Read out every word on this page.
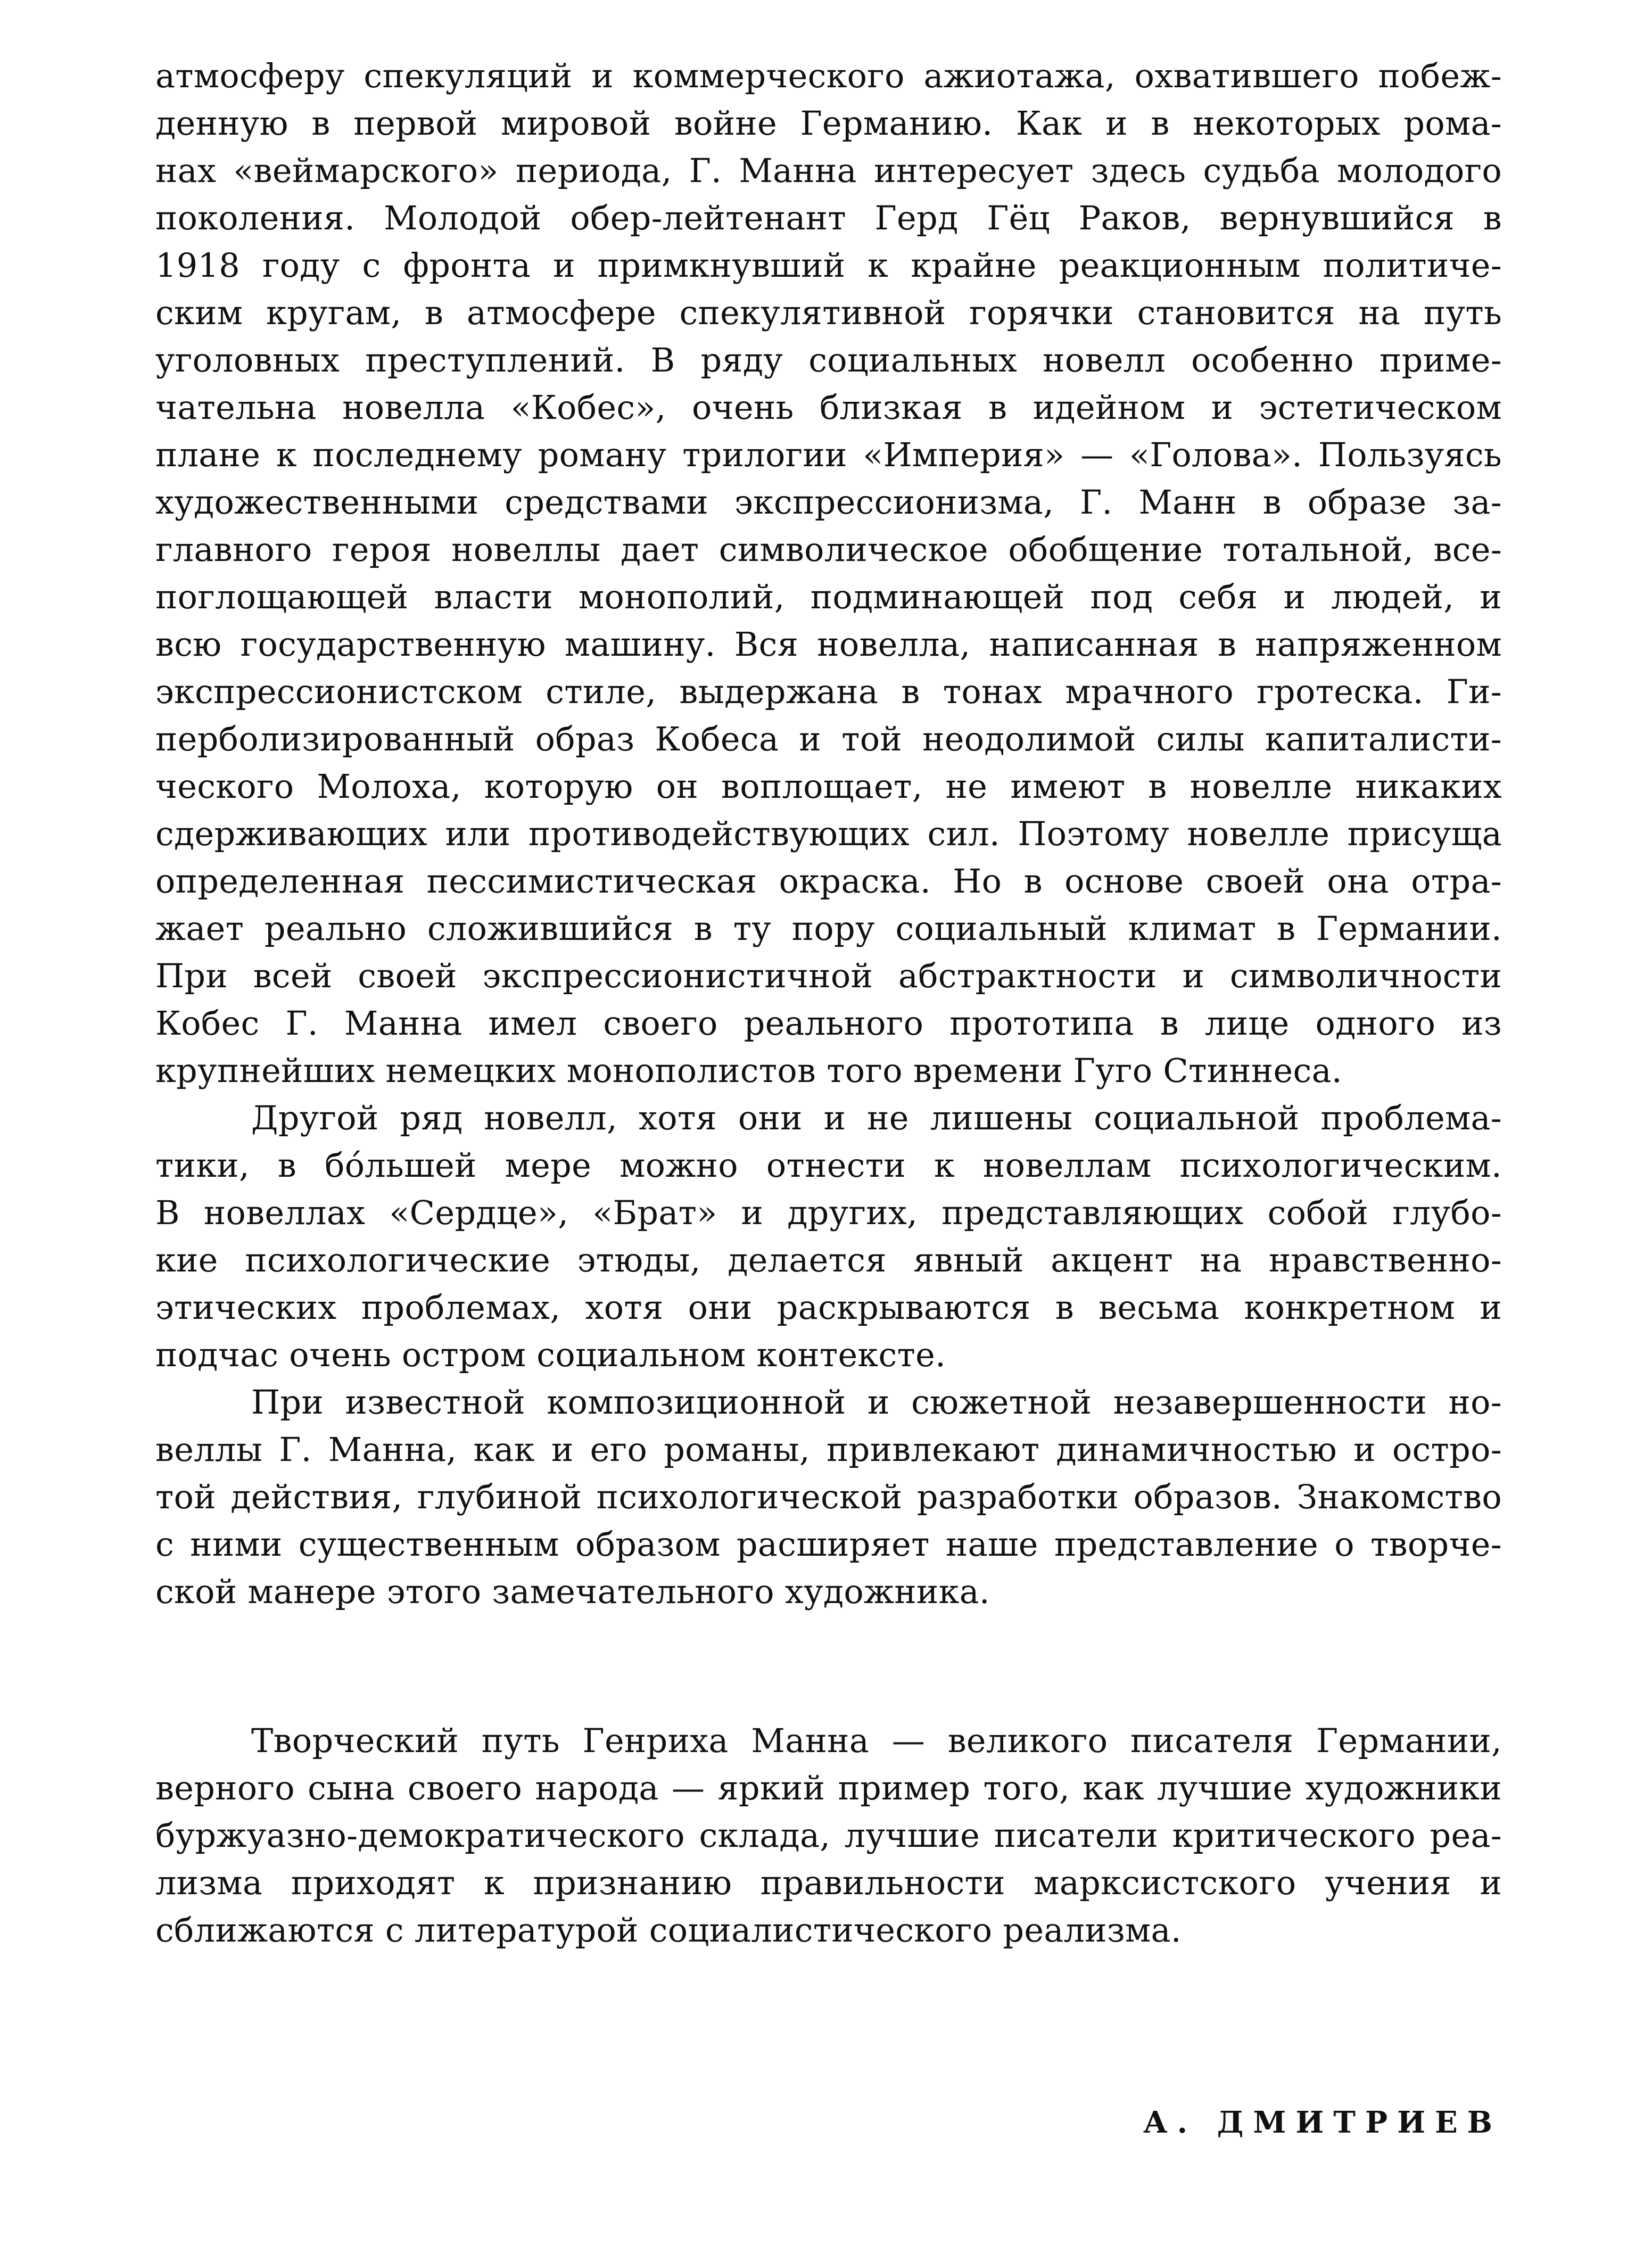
атмосферу спекуляций и коммерческого ажиотажа, охватившего побеж-
денную в первой мировой войне Германию. Как и в некоторых рома-
нах «веймарского» периода, Г. Манна интересует здесь судьба молодого
поколения. Молодой обер-лейтенант Герд Гёц Раков, вернувшийся в
1918 году с фронта и примкнувший к крайне реакционным политиче-
ским кругам, в атмосфере спекулятивной горячки становится на путь
уголовных преступлений. В ряду социальных новелл особенно приме-
чательна новелла «Кобес», очень близкая в идейном и эстетическом
плане к последнему роману трилогии «Империя» — «Голова». Пользуясь
художественными средствами экспрессионизма, Г. Манн в образе за-
главного героя новеллы дает символическое обобщение тотальной, все-
поглощающей власти монополий, подминающей под себя и людей, и
всю государственную машину. Вся новелла, написанная в напряженном
экспрессионистском стиле, выдержана в тонах мрачного гротеска. Ги-
перболизированный образ Кобеса и той неодолимой силы капиталисти-
ческого Молоха, которую он воплощает, не имеют в новелле никаких
сдерживающих или противодействующих сил. Поэтому новелле присуща
определенная пессимистическая окраска. Но в основе своей она отра-
жает реально сложившийся в ту пору социальный климат в Германии.
При всей своей экспрессионистичной абстрактности и символичности
Кобес Г. Манна имел своего реального прототипа в лице одного из
крупнейших немецких монополистов того времени Гуго Стиннеса.
Другой ряд новелл, хотя они и не лишены социальной проблема-
тики, в бóльшей мере можно отнести к новеллам психологическим.
В новеллах «Сердце», «Брат» и других, представляющих собой глубо-
кие психологические этюды, делается явный акцент на нравственно-
этических проблемах, хотя они раскрываются в весьма конкретном и
подчас очень остром социальном контексте.
При известной композиционной и сюжетной незавершенности но-
веллы Г. Манна, как и его романы, привлекают динамичностью и остро-
той действия, глубиной психологической разработки образов. Знакомство
с ними существенным образом расширяет наше представление о творче-
ской манере этого замечательного художника.
Творческий путь Генриха Манна — великого писателя Германии,
верного сына своего народа — яркий пример того, как лучшие художники
буржуазно-демократического склада, лучшие писатели критического реа-
лизма приходят к признанию правильности марксистского учения и
сближаются с литературой социалистического реализма.
А. ДМИТРИЕВ
